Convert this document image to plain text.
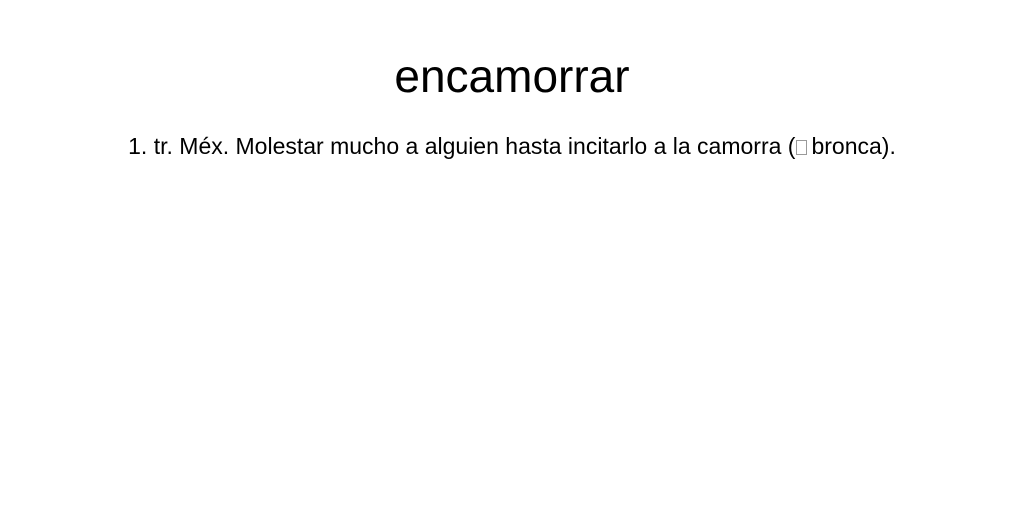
encamorrar

1. tr. Méx. Molestar mucho a alguien hasta incitarlo a la camorra ( bronca).
